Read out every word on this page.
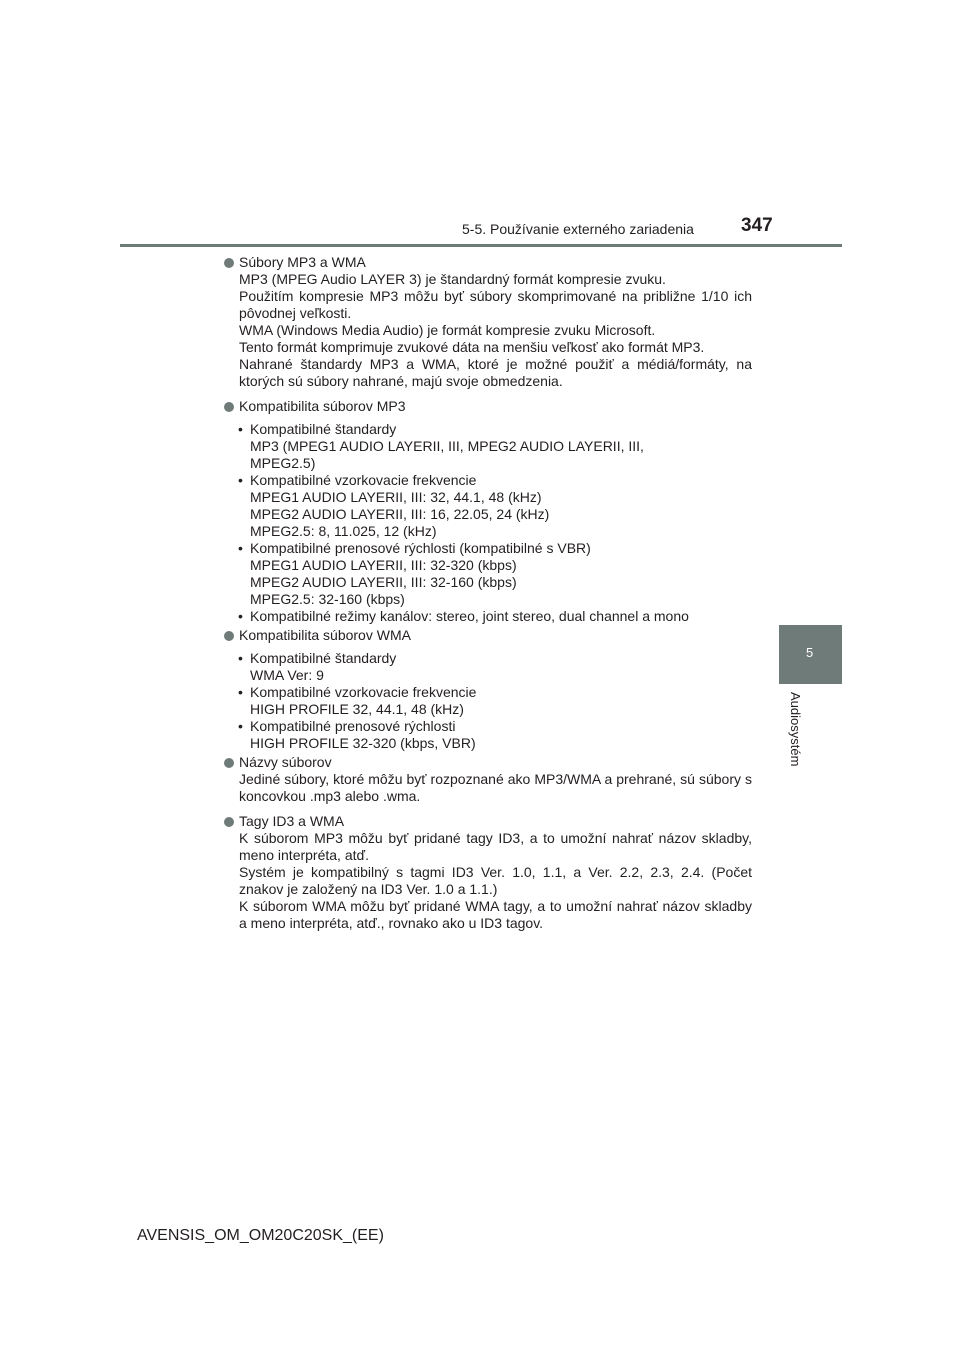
5-5. Používanie externého zariadenia 347
5
Audiosystém
Súbory MP3 a WMA

MP3 (MPEG Audio LAYER 3) je štandardný formát kompresie zvuku.

Použitím kompresie MP3 môžu byť súbory skomprimované na približne 1/10 ich pôvodnej veľkosti.

WMA (Windows Media Audio) je formát kompresie zvuku Microsoft.

Tento formát komprimuje zvukové dáta na menšiu veľkosť ako formát MP3.

Nahrané štandardy MP3 a WMA, ktoré je možné použiť a médiá/formáty, na ktorých sú súbory nahrané, majú svoje obmedzenia.

Kompatibilita súborov MP3
• Kompatibilné štandardy
MP3 (MPEG1 AUDIO LAYERII, III, MPEG2 AUDIO LAYERII, III,
MPEG2.5)
• Kompatibilné vzorkovacie frekvencie
MPEG1 AUDIO LAYERII, III: 32, 44.1, 48 (kHz)
MPEG2 AUDIO LAYERII, III: 16, 22.05, 24 (kHz)
MPEG2.5: 8, 11.025, 12 (kHz)
• Kompatibilné prenosové rýchlosti (kompatibilné s VBR)
MPEG1 AUDIO LAYERII, III: 32-320 (kbps)
MPEG2 AUDIO LAYERII, III: 32-160 (kbps)
MPEG2.5: 32-160 (kbps)
• Kompatibilné režimy kanálov: stereo, joint stereo, dual channel a mono
Kompatibilita súborov WMA
• Kompatibilné štandardy
WMA Ver: 9
• Kompatibilné vzorkovacie frekvencie
HIGH PROFILE 32, 44.1, 48 (kHz)
• Kompatibilné prenosové rýchlosti
HIGH PROFILE 32-320 (kbps, VBR)
Názvy súborov

Jediné súbory, ktoré môžu byť rozpoznané ako MP3/WMA a prehrané, sú súbory s koncovkou .mp3 alebo .wma.

Tagy ID3 a WMA

K súborom MP3 môžu byť pridané tagy ID3, a to umožní nahrať názov skladby, meno interpréta, atď.

Systém je kompatibilný s tagmi ID3 Ver. 1.0, 1.1, a Ver. 2.2, 2.3, 2.4. (Počet znakov je založený na ID3 Ver. 1.0 a 1.1.)

K súborom WMA môžu byť pridané WMA tagy, a to umožní nahrať názov skladby a meno interpréta, atď., rovnako ako u ID3 tagov.

AVENSIS_OM_OM20C20SK_(EE)
